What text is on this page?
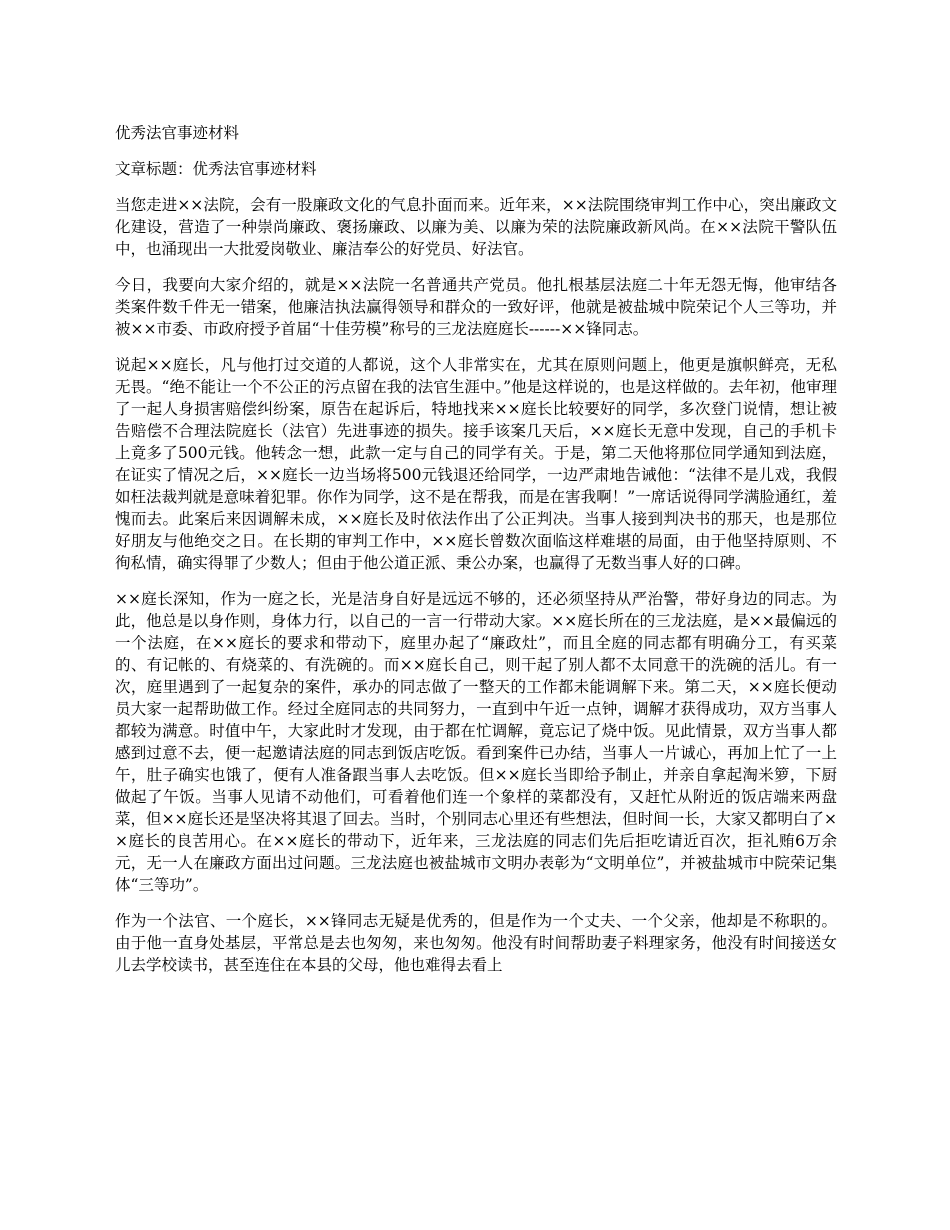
优秀法官事迹材料
文章标题：优秀法官事迹材料

当您走进××法院，会有一股廉政文化的气息扑面而来。近年来，××法院围绕审判工作中心，突出廉政文化建设，营造了一种崇尚廉政、褒扬廉政、以廉为美、以廉为荣的法院廉政新风尚。在××法院干警队伍中，也涌现出一大批爱岗敬业、廉洁奉公的好党员、好法官。

今日，我要向大家介绍的，就是××法院一名普通共产党员。他扎根基层法庭二十年无怨无悔，他审结各类案件数千件无一错案，他廉洁执法赢得领导和群众的一致好评，他就是被盐城中院荣记个人三等功，并被××市委、市政府授予首届“十佳劳模”称号的三龙法庭庭长------××锋同志。

说起××庭长，凡与他打过交道的人都说，这个人非常实在，尤其在原则问题上，他更是旗帜鲜亮，无私无畏。“绝不能让一个不公正的污点留在我的法官生涯中。”他是这样说的，也是这样做的。去年初，他审理了一起人身损害赔偿纠纷案，原告在起诉后，特地找来××庭长比较要好的同学，多次登门说情，想让被告赔偿不合理法院庭长（法官）先进事迹的损失。接手该案几天后，××庭长无意中发现，自己的手机卡上竟多了500元钱。他转念一想，此款一定与自己的同学有关。于是，第二天他将那位同学通知到法庭，在证实了情况之后，××庭长一边当场将500元钱退还给同学，一边严肃地告诫他：“法律不是儿戏，我假如枉法裁判就是意味着犯罪。你作为同学，这不是在帮我，而是在害我啊！”一席话说得同学满脸通红，羞愧而去。此案后来因调解未成，××庭长及时依法作出了公正判决。当事人接到判决书的那天，也是那位好朋友与他绝交之日。在长期的审判工作中，××庭长曾数次面临这样难堪的局面，由于他坚持原则、不徇私情，确实得罪了少数人；但由于他公道正派、秉公办案，也赢得了无数当事人好的口碑。

××庭长深知，作为一庭之长，光是洁身自好是远远不够的，还必须坚持从严治警，带好身边的同志。为此，他总是以身作则，身体力行，以自己的一言一行带动大家。××庭长所在的三龙法庭，是××最偏远的一个法庭，在××庭长的要求和带动下，庭里办起了“廉政灶”，而且全庭的同志都有明确分工，有买菜的、有记帐的、有烧菜的、有洗碗的。而××庭长自己，则干起了别人都不太同意干的洗碗的活儿。有一次，庭里遇到了一起复杂的案件，承办的同志做了一整天的工作都未能调解下来。第二天，××庭长便动员大家一起帮助做工作。经过全庭同志的共同努力，一直到中午近一点钟，调解才获得成功，双方当事人都较为满意。时值中午，大家此时才发现，由于都在忙调解，竟忘记了烧中饭。见此情景，双方当事人都感到过意不去，便一起邀请法庭的同志到饭店吃饭。看到案件已办结，当事人一片诚心，再加上忙了一上午，肚子确实也饿了，便有人准备跟当事人去吃饭。但××庭长当即给予制止，并亲自拿起淘米箩，下厨做起了午饭。当事人见请不动他们，可看着他们连一个象样的菜都没有，又赶忙从附近的饭店端来两盘菜，但××庭长还是坚决将其退了回去。当时，个别同志心里还有些想法，但时间一长，大家又都明白了××庭长的良苦用心。在××庭长的带动下，近年来，三龙法庭的同志们先后拒吃请近百次，拒礼贿6万余元，无一人在廉政方面出过问题。三龙法庭也被盐城市文明办表彰为“文明单位”，并被盐城市中院荣记集体“三等功”。

作为一个法官、一个庭长，××锋同志无疑是优秀的，但是作为一个丈夫、一个父亲，他却是不称职的。由于他一直身处基层，平常总是去也匆匆，来也匆匆。他没有时间帮助妻子料理家务，他没有时间接送女儿去学校读书，甚至连住在本县的父母，他也难得去看上
